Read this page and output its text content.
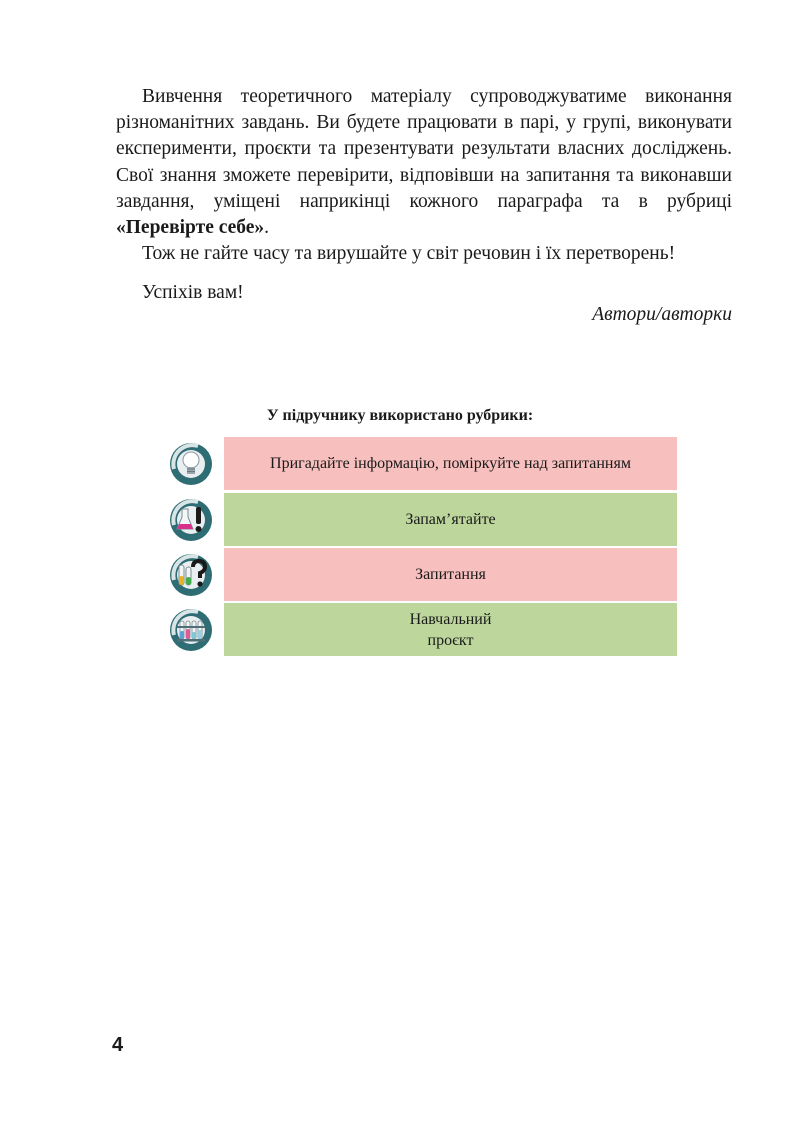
Вивчення теоретичного матеріалу супроводжуватиме виконання різноманітних завдань. Ви будете працювати в парі, у групі, виконувати експерименти, проєкти та презентувати результати власних досліджень. Свої знання зможете перевірити, відповівши на запитання та виконавши завдання, уміщені наприкінці кожного параграфа та в рубриці «Перевірте себе».

Тож не гайте часу та вирушайте у світ речовин і їх перетворень!

Успіхів вам!
Автори/авторки
У підручнику використано рубрики:
Пригадайте інформацію, поміркуйте над запитанням
Запам’ятайте
Запитання
Навчальний
проєкт
4
